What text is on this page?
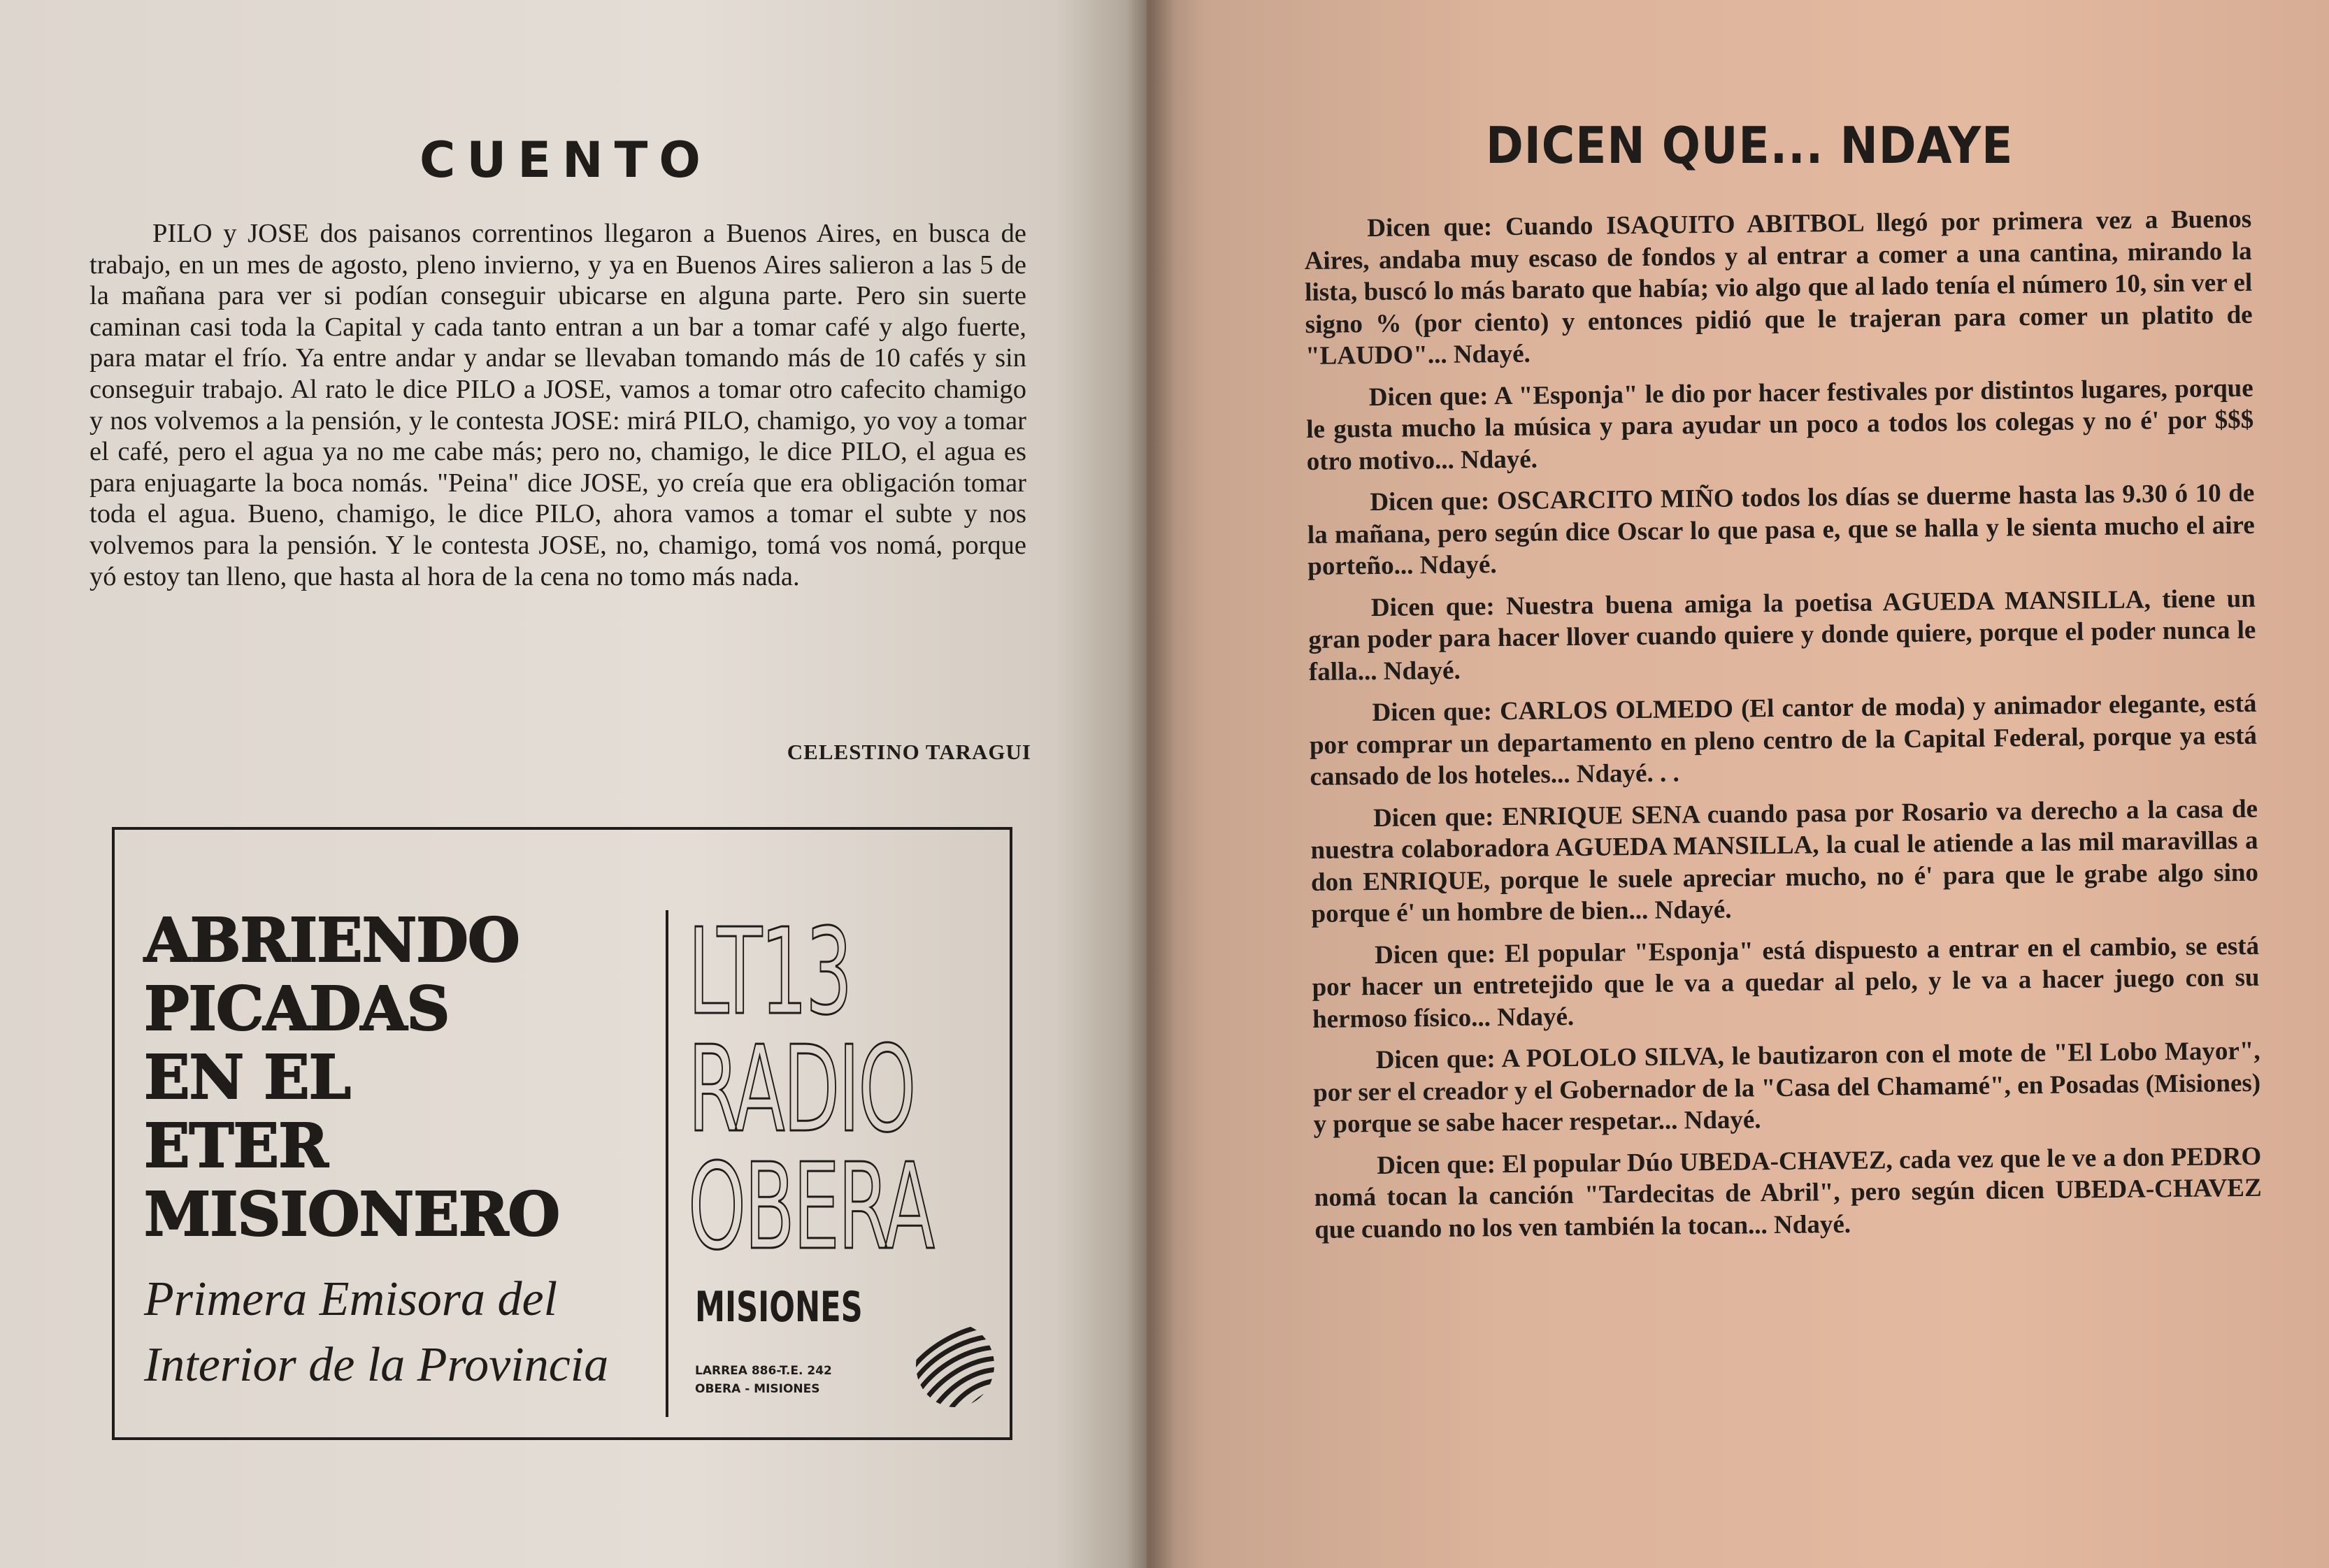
CUENTO

PILO y JOSE dos paisanos correntinos llegaron a Buenos Aires, en busca de trabajo, en un mes de agosto, pleno invierno, y ya en Buenos Aires salieron a las 5 de la mañana para ver si podían conseguir ubicarse en alguna parte. Pero sin suerte caminan casi toda la Capital y cada tanto entran a un bar a tomar café y algo fuerte, para matar el frío. Ya entre andar y andar se llevaban tomando más de 10 cafés y sin conseguir trabajo. Al rato le dice PILO a JOSE, vamos a tomar otro cafecito chamigo y nos volvemos a la pensión, y le contesta JOSE: mirá PILO, chamigo, yo voy a tomar el café, pero el agua ya no me cabe más; pero no, chamigo, le dice PILO, el agua es para enjuagarte la boca nomás. "Peina" dice JOSE, yo creía que era obligación tomar toda el agua. Bueno, chamigo, le dice PILO, ahora vamos a tomar el subte y nos volvemos para la pensión. Y le contesta JOSE, no, chamigo, tomá vos nomá, porque yó estoy tan lleno, que hasta al hora de la cena no tomo más nada.

CELESTINO TARAGUI

ABRIENDO
PICADAS
EN EL
ETER
MISIONERO
Primera Emisora del
Interior de la Provincia
LT13
RADIO
OBERA
MISIONES
LARREA 886-T.E. 242
OBERA - MISIONES
DICEN QUE... NDAYE
Dicen que: Cuando ISAQUITO ABITBOL llegó por primera vez a Buenos Aires, andaba muy escaso de fondos y al entrar a comer a una cantina, mirando la lista, buscó lo más barato que había; vio algo que al lado tenía el número 10, sin ver el signo % (por ciento) y entonces pidió que le trajeran para comer un platito de "LAUDO"... Ndayé.
Dicen que: A "Esponja" le dio por hacer festivales por distintos lugares, porque le gusta mucho la música y para ayudar un poco a todos los colegas y no é' por $$$ otro motivo... Ndayé.
Dicen que: OSCARCITO MIÑO todos los días se duerme hasta las 9.30 ó 10 de la mañana, pero según dice Oscar lo que pasa e, que se halla y le sienta mucho el aire porteño... Ndayé.
Dicen que: Nuestra buena amiga la poetisa AGUEDA MANSILLA, tiene un gran poder para hacer llover cuando quiere y donde quiere, porque el poder nunca le falla... Ndayé.
Dicen que: CARLOS OLMEDO (El cantor de moda) y animador elegante, está por comprar un departamento en pleno centro de la Capital Federal, porque ya está cansado de los hoteles... Ndayé. . .
Dicen que: ENRIQUE SENA cuando pasa por Rosario va derecho a la casa de nuestra colaboradora AGUEDA MANSILLA, la cual le atiende a las mil maravillas a don ENRIQUE, porque le suele apreciar mucho, no é' para que le grabe algo sino porque é' un hombre de bien... Ndayé.
Dicen que: El popular "Esponja" está dispuesto a entrar en el cambio, se está por hacer un entretejido que le va a quedar al pelo, y le va a hacer juego con su hermoso físico... Ndayé.
Dicen que: A POLOLO SILVA, le bautizaron con el mote de "El Lobo Mayor", por ser el creador y el Gobernador de la "Casa del Chamamé", en Posadas (Misiones) y porque se sabe hacer respetar... Ndayé.
Dicen que: El popular Dúo UBEDA-CHAVEZ, cada vez que le ve a don PEDRO nomá tocan la canción "Tardecitas de Abril", pero según dicen UBEDA-CHAVEZ que cuando no los ven también la tocan... Ndayé.
